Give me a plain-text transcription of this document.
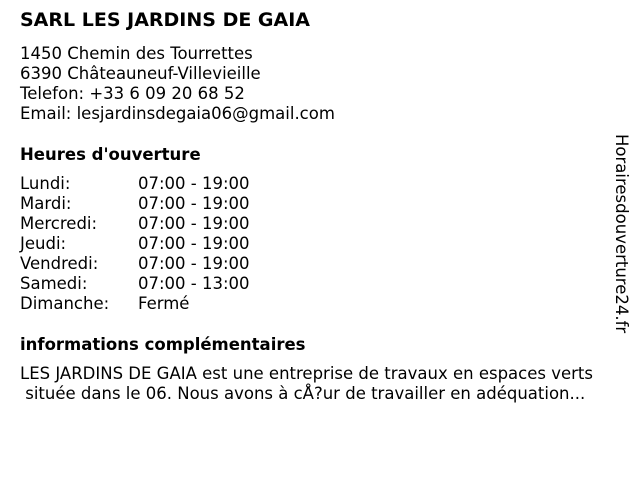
SARL LES JARDINS DE GAIA
1450 Chemin des Tourrettes
6390 Châteauneuf-Villevieille
Telefon: +33 6 09 20 68 52
Email: lesjardinsdegaia06@gmail.com
Heures d'ouverture
Lundi:	07:00 - 19:00
Mardi:	07:00 - 19:00
Mercredi: 07:00 - 19:00
Jeudi:	07:00 - 19:00
Vendredi: 07:00 - 19:00
Samedi:	07:00 - 13:00
Dimanche: Fermé
informations complémentaires
LES JARDINS DE GAIA est une entreprise de travaux en espaces verts
située dans le 06. Nous avons à cÅ?ur de travailler en adéquation...
Horairesdouverture24.fr
